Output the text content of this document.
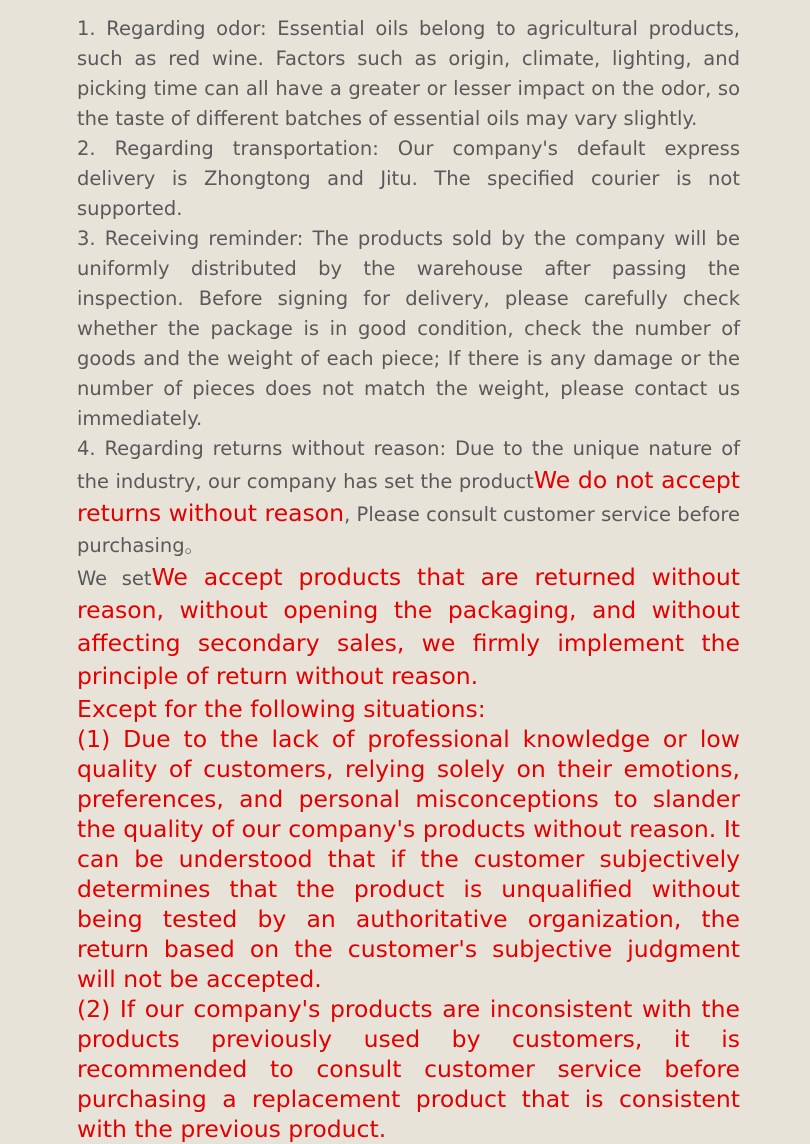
1. Regarding odor: Essential oils belong to agricultural products, such as red wine. Factors such as origin, climate, lighting, and picking time can all have a greater or lesser impact on the odor, so the taste of different batches of essential oils may vary slightly.

2. Regarding transportation: Our company's default express delivery is Zhongtong and Jitu. The specified courier is not supported.

3. Receiving reminder: The products sold by the company will be uniformly distributed by the warehouse after passing the inspection. Before signing for delivery, please carefully check whether the package is in good condition, check the number of goods and the weight of each piece; If there is any damage or the number of pieces does not match the weight, please contact us immediately.

4. Regarding returns without reason: Due to the unique nature of the industry, our company has set the productWe do not accept returns without reason, Please consult customer service before purchasing。

We setWe accept products that are returned without reason, without opening the packaging, and without affecting secondary sales, we firmly implement the principle of return without reason.

Except for the following situations:

(1) Due to the lack of professional knowledge or low quality of customers, relying solely on their emotions, preferences, and personal misconceptions to slander the quality of our company's products without reason. It can be understood that if the customer subjectively determines that the product is unqualified without being tested by an authoritative organization, the return based on the customer's subjective judgment will not be accepted.

(2) If our company's products are inconsistent with the products previously used by customers, it is recommended to consult customer service before purchasing a replacement product that is consistent with the previous product.
